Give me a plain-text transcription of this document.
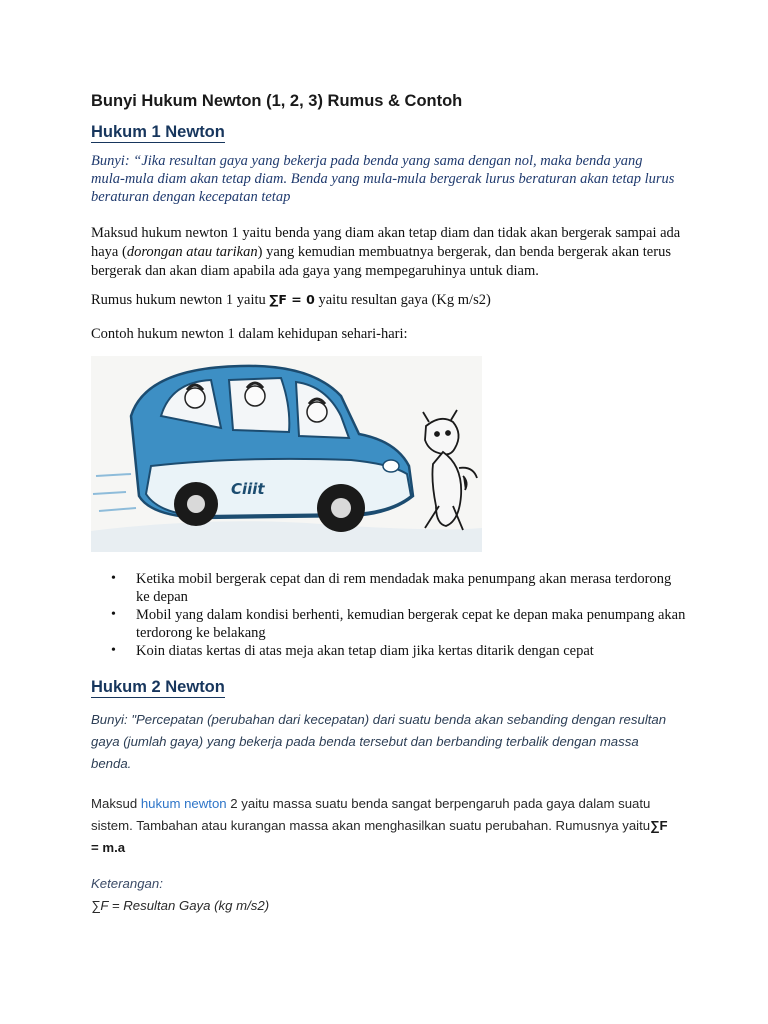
Bunyi Hukum Newton (1, 2, 3) Rumus & Contoh
Hukum 1 Newton

Bunyi: “Jika resultan gaya yang bekerja pada benda yang sama dengan nol, maka benda yang mula-mula diam akan tetap diam. Benda yang mula-mula bergerak lurus beraturan akan tetap lurus beraturan dengan kecepatan tetap

Maksud hukum newton 1 yaitu benda yang diam akan tetap diam dan tidak akan bergerak sampai ada haya (dorongan atau tarikan) yang kemudian membuatnya bergerak, dan benda bergerak akan terus bergerak dan akan diam apabila ada gaya yang mempegaruhinya untuk diam.

Rumus hukum newton 1 yaitu ∑F = 0 yaitu resultan gaya (Kg m/s2)

Contoh hukum newton 1 dalam kehidupan sehari-hari:

Ciiit
• Ketika mobil bergerak cepat dan di rem mendadak maka penumpang akan merasa terdorong ke depan
• Mobil yang dalam kondisi berhenti, kemudian bergerak cepat ke depan maka penumpang akan terdorong ke belakang
• Koin diatas kertas di atas meja akan tetap diam jika kertas ditarik dengan cepat
Hukum 2 Newton

Bunyi: "Percepatan (perubahan dari kecepatan) dari suatu benda akan sebanding dengan resultan gaya (jumlah gaya) yang bekerja pada benda tersebut dan berbanding terbalik dengan massa benda.

Maksud hukum newton 2 yaitu massa suatu benda sangat berpengaruh pada gaya dalam suatu sistem. Tambahan atau kurangan massa akan menghasilkan suatu perubahan. Rumusnya yaitu∑F = m.a

Keterangan:

∑F = Resultan Gaya (kg m/s2)
